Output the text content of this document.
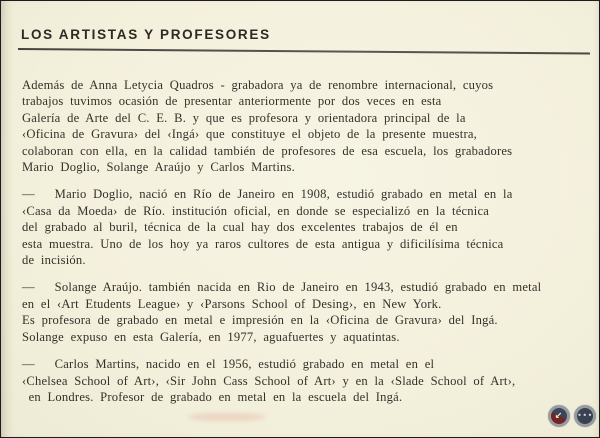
LOS ARTISTAS Y PROFESORES
Además de Anna Letycia Quadros - grabadora ya de renombre internacional, cuyos
trabajos tuvimos ocasión de presentar anteriormente por dos veces en esta
Galería de Arte del C. E. B. y que es profesora y orientadora principal de la
‹Oficina de Gravura› del ‹Ingá› que constituye el objeto de la presente muestra,
colaboran con ella, en la calidad también de profesores de esa escuela, los grabadores
Mario Doglio, Solange Araújo y Carlos Martins.
—   Mario Doglio, nació en Río de Janeiro en 1908, estudió grabado en metal en la
‹Casa da Moeda› de Río. institución oficial, en donde se especializó en la técnica
del grabado al buril, técnica de la cual hay dos excelentes trabajos de él en
esta muestra. Uno de los hoy ya raros cultores de esta antigua y dificilísima técnica
de incisión.
—   Solange Araújo. también nacida en Rio de Janeiro en 1943, estudió grabado en metal
en el ‹Art Etudents League› y ‹Parsons School of Desing›, en New York.
Es profesora de grabado en metal e impresión en la ‹Oficina de Gravura› del Ingá.
Solange expuso en esta Galería, en 1977, aguafuertes y aquatintas.
—   Carlos Martins, nacido en el 1956, estudió grabado en metal en el
‹Chelsea School of Art›, ‹Sir John Cass School of Art› y en la ‹Slade School of Art›,
en Londres. Profesor de grabado en metal en la escuela del Ingá.
↙ •••
